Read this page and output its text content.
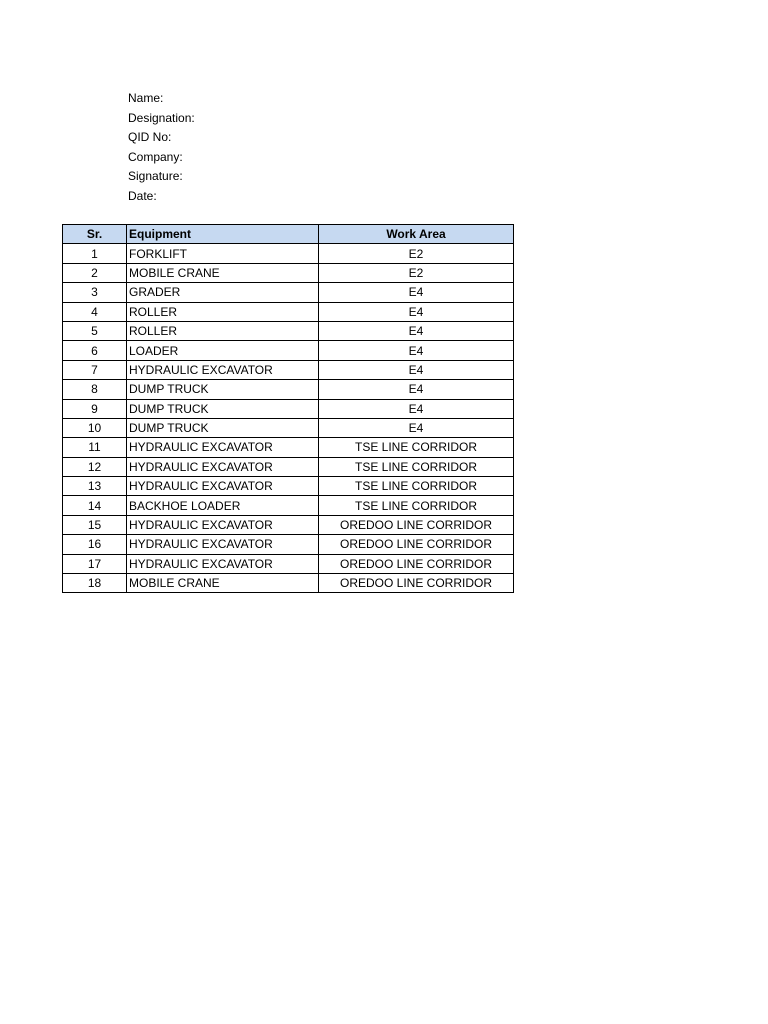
Name:
Designation:
QID No:
Company:
Signature:
Date:
Sr.	Equipment	Work Area
1	FORKLIFT	E2
2	MOBILE CRANE	E2
3	GRADER	E4
4	ROLLER	E4
5	ROLLER	E4
6	LOADER	E4
7	HYDRAULIC EXCAVATOR	E4
8	DUMP TRUCK	E4
9	DUMP TRUCK	E4
10	DUMP TRUCK	E4
11	HYDRAULIC EXCAVATOR	TSE LINE CORRIDOR
12	HYDRAULIC EXCAVATOR	TSE LINE CORRIDOR
13	HYDRAULIC EXCAVATOR	TSE LINE CORRIDOR
14	BACKHOE LOADER	TSE LINE CORRIDOR
15	HYDRAULIC EXCAVATOR	OREDOO LINE CORRIDOR
16	HYDRAULIC EXCAVATOR	OREDOO LINE CORRIDOR
17	HYDRAULIC EXCAVATOR	OREDOO LINE CORRIDOR
18	MOBILE CRANE	OREDOO LINE CORRIDOR
